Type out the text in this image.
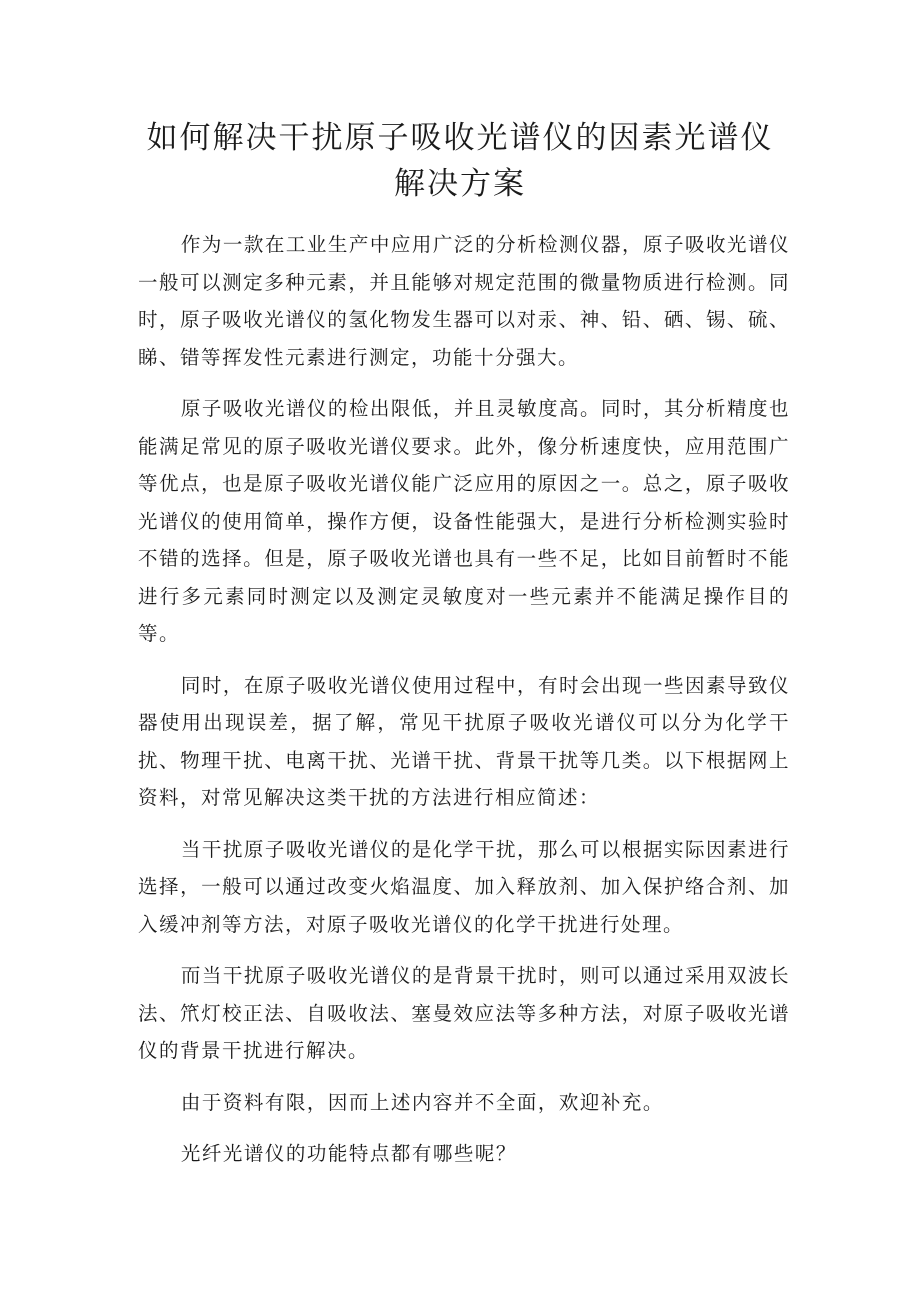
如何解决干扰原子吸收光谱仪的因素光谱仪
解决方案

作为一款在工业生产中应用广泛的分析检测仪器，原子吸收光谱仪一般可以测定多种元素，并且能够对规定范围的微量物质进行检测。同时，原子吸收光谱仪的氢化物发生器可以对汞、神、铅、硒、锡、硫、睇、错等挥发性元素进行测定，功能十分强大。

原子吸收光谱仪的检出限低，并且灵敏度高。同时，其分析精度也能满足常见的原子吸收光谱仪要求。此外，像分析速度快，应用范围广等优点，也是原子吸收光谱仪能广泛应用的原因之一。总之，原子吸收光谱仪的使用简单，操作方便，设备性能强大，是进行分析检测实验时不错的选择。但是，原子吸收光谱也具有一些不足，比如目前暂时不能进行多元素同时测定以及测定灵敏度对一些元素并不能满足操作目的等。

同时，在原子吸收光谱仪使用过程中，有时会出现一些因素导致仪器使用出现误差，据了解，常见干扰原子吸收光谱仪可以分为化学干扰、物理干扰、电离干扰、光谱干扰、背景干扰等几类。以下根据网上资料，对常见解决这类干扰的方法进行相应简述：

当干扰原子吸收光谱仪的是化学干扰，那么可以根据实际因素进行选择，一般可以通过改变火焰温度、加入释放剂、加入保护络合剂、加入缓冲剂等方法，对原子吸收光谱仪的化学干扰进行处理。

而当干扰原子吸收光谱仪的是背景干扰时，则可以通过采用双波长法、笊灯校正法、自吸收法、塞曼效应法等多种方法，对原子吸收光谱仪的背景干扰进行解决。

由于资料有限，因而上述内容并不全面，欢迎补充。

光纤光谱仪的功能特点都有哪些呢？
